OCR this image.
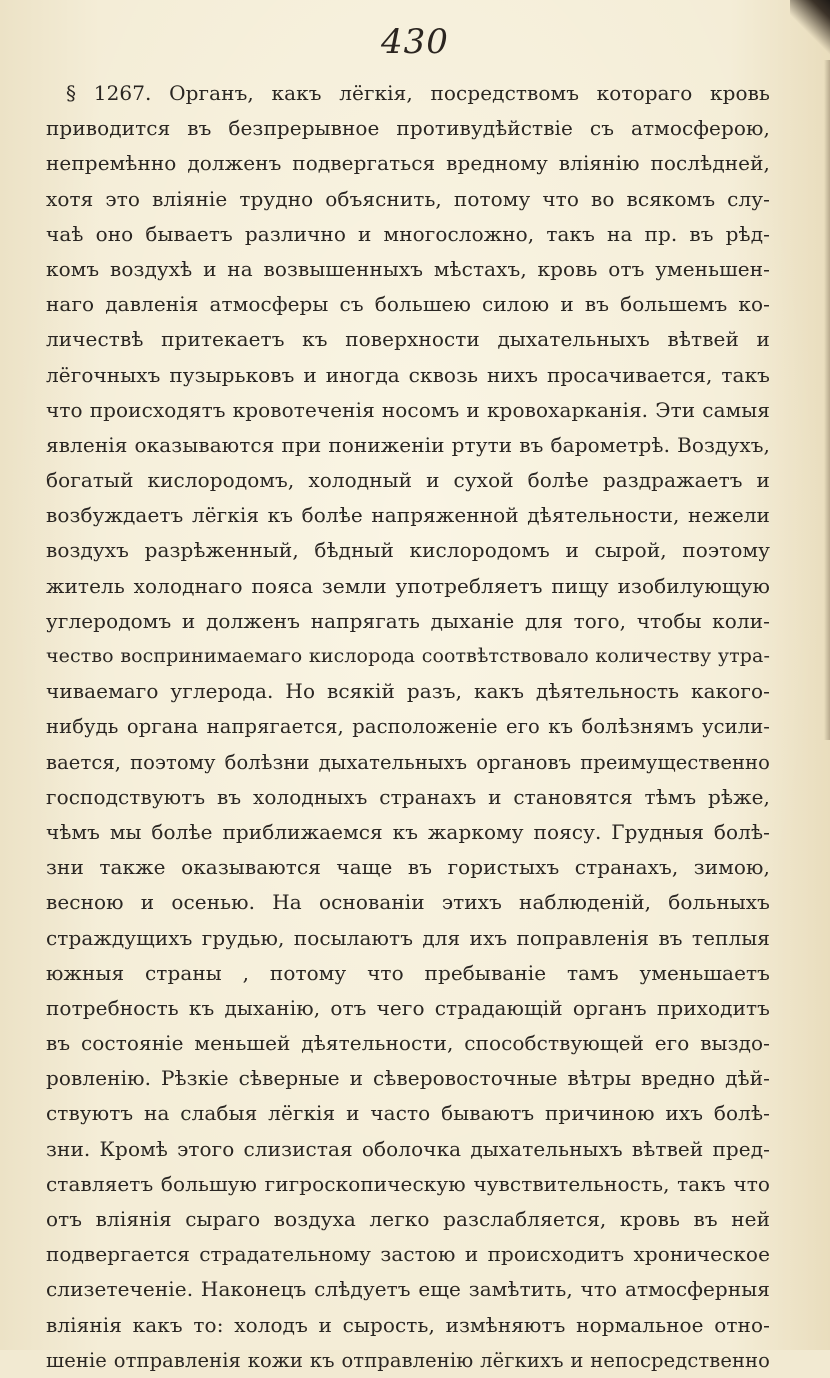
430
§ 1267. Органъ, какъ лёгкія, посредствомъ котораго кровь
приводится въ безпрерывное противудѣйствіе съ атмосферою,
непремѣнно долженъ подвергаться вредному вліянію послѣдней,
хотя это вліяніе трудно объяснить, потому что во всякомъ слу-
чаѣ оно бываетъ различно и многосложно, такъ на пр. въ рѣд-
комъ воздухѣ и на возвышенныхъ мѣстахъ, кровь отъ уменьшен-
наго давленія атмосферы съ большею силою и въ большемъ ко-
личествѣ притекаетъ къ поверхности дыхательныхъ вѣтвей и
лёгочныхъ пузырьковъ и иногда сквозь нихъ просачивается, такъ
что происходятъ кровотеченія носомъ и кровохарканія. Эти самыя
явленія оказываются при пониженіи ртути въ барометрѣ. Воздухъ,
богатый кислородомъ, холодный и сухой болѣе раздражаетъ и
возбуждаетъ лёгкія къ болѣе напряженной дѣятельности, нежели
воздухъ разрѣженный, бѣдный кислородомъ и сырой, поэтому
житель холоднаго пояса земли употребляетъ пищу изобилующую
углеродомъ и долженъ напрягать дыханіе для того, чтобы коли-
чество воспринимаемаго кислорода соотвѣтствовало количеству утра-
чиваемаго углерода. Но всякій разъ, какъ дѣятельность какого-
нибудь органа напрягается, расположеніе его къ болѣзнямъ усили-
вается, поэтому болѣзни дыхательныхъ органовъ преимущественно
господствуютъ въ холодныхъ странахъ и становятся тѣмъ рѣже,
чѣмъ мы болѣе приближаемся къ жаркому поясу. Грудныя болѣ-
зни также оказываются чаще въ гористыхъ странахъ, зимою,
весною и осенью. На основаніи этихъ наблюденій, больныхъ
страждущихъ грудью, посылаютъ для ихъ поправленія въ теплыя
южныя страны , потому что пребываніе тамъ уменьшаетъ
потребность къ дыханію, отъ чего страдающій органъ приходитъ
въ состояніе меньшей дѣятельности, способствующей его выздо-
ровленію. Рѣзкіе сѣверные и сѣверовосточные вѣтры вредно дѣй-
ствуютъ на слабыя лёгкія и часто бываютъ причиною ихъ болѣ-
зни. Кромѣ этого слизистая оболочка дыхательныхъ вѣтвей пред-
ставляетъ большую гигроскопическую чувствительность, такъ что
отъ вліянія сыраго воздуха легко разслабляется, кровь въ ней
подвергается страдательному застою и происходитъ хроническое
слизетеченіе. Наконецъ слѣдуетъ еще замѣтить, что атмосферныя
вліянія какъ то: холодъ и сырость, измѣняютъ нормальное отно-
шеніе отправленія кожи къ отправленію лёгкихъ и непосредственно
